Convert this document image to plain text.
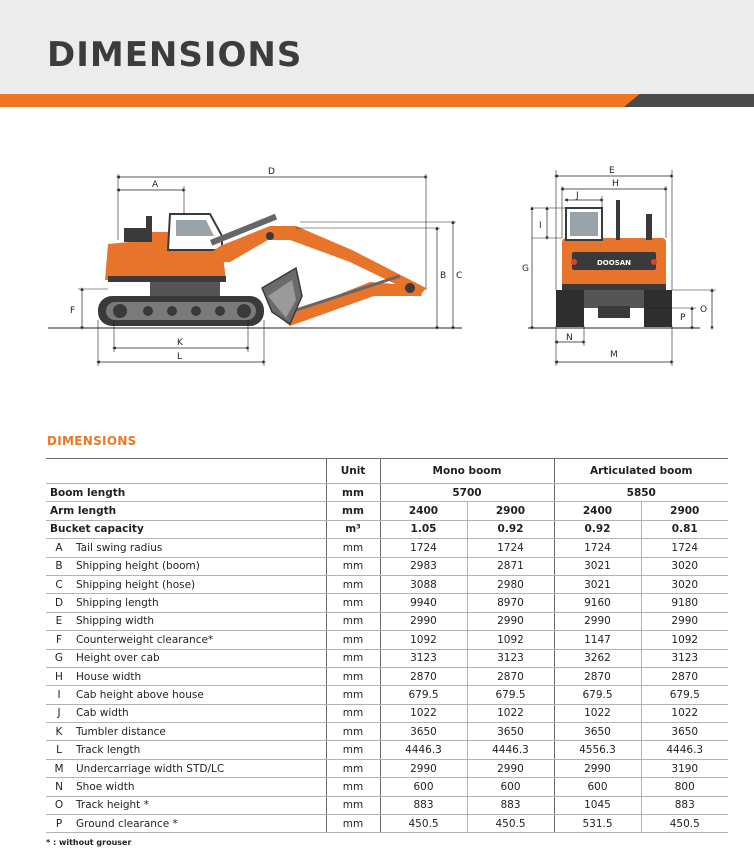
DIMENSIONS
DOOSAN
D
A
B C
F
K
L
DOOSAN
E
H
J
I
G
O
P
N
M
DIMENSIONS
		Unit	Mono boom		Articulated boom	
Boom length		mm	5700		5850	
Arm length		mm	2400	2900	2400	2900
Bucket capacity		m³	1.05	0.92	0.92	0.81
A	Tail swing radius	mm	1724	1724	1724	1724
B	Shipping height (boom)	mm	2983	2871	3021	3020
C	Shipping height (hose)	mm	3088	2980	3021	3020
D	Shipping length	mm	9940	8970	9160	9180
E	Shipping width	mm	2990	2990	2990	2990
F	Counterweight clearance*	mm	1092	1092	1147	1092
G	Height over cab	mm	3123	3123	3262	3123
H	House width	mm	2870	2870	2870	2870
I	Cab height above house	mm	679.5	679.5	679.5	679.5
J	Cab width	mm	1022	1022	1022	1022
K	Tumbler distance	mm	3650	3650	3650	3650
L	Track length	mm	4446.3	4446.3	4556.3	4446.3
M	Undercarriage width STD/LC	mm	2990	2990	2990	3190
N	Shoe width	mm	600	600	600	800
O	Track height *	mm	883	883	1045	883
P	Ground clearance *	mm	450.5	450.5	531.5	450.5
* : without grouser
